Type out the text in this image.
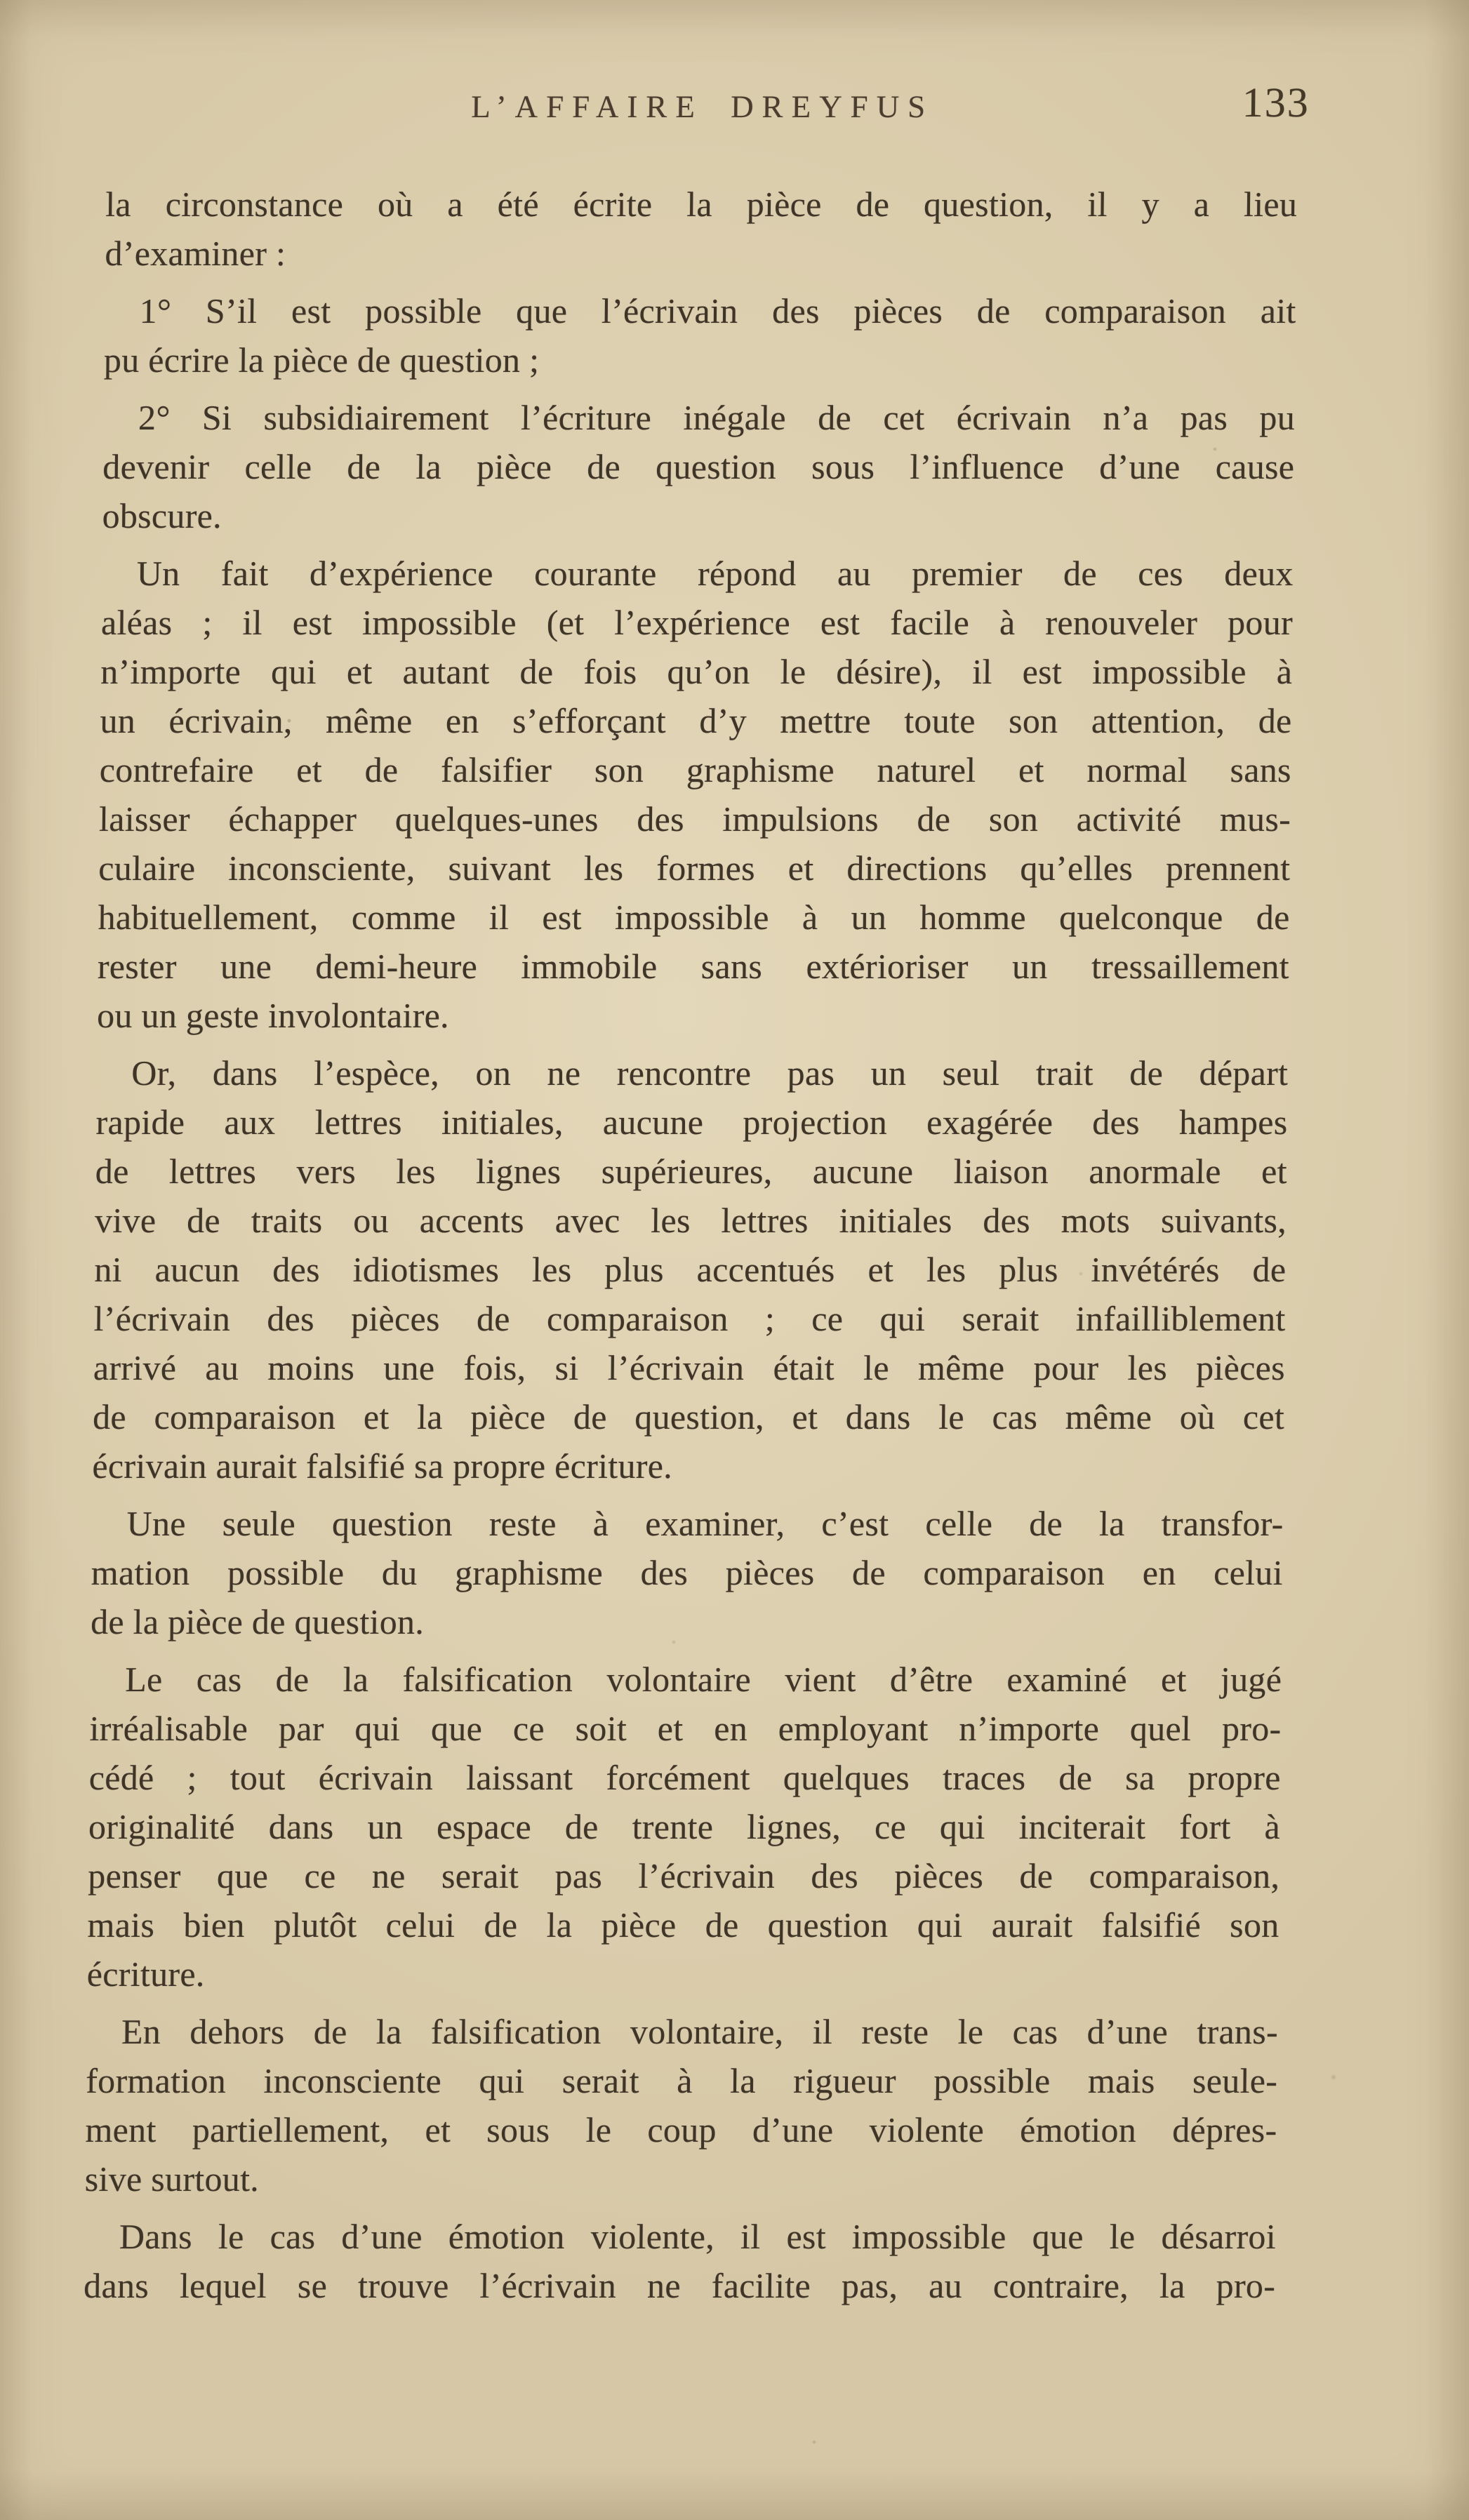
L’AFFAIRE DREYFUS	133

la circonstance où a été écrite la pièce de question, il y a lieu
d’examiner :

1° S’il est possible que l’écrivain des pièces de comparaison ait
pu écrire la pièce de question ;

2° Si subsidiairement l’écriture inégale de cet écrivain n’a pas pu
devenir celle de la pièce de question sous l’influence d’une cause
obscure.

Un fait d’expérience courante répond au premier de ces deux
aléas ; il est impossible (et l’expérience est facile à renouveler pour
n’importe qui et autant de fois qu’on le désire), il est impossible à
un écrivain, même en s’efforçant d’y mettre toute son attention, de
contrefaire et de falsifier son graphisme naturel et normal sans
laisser échapper quelques-unes des impulsions de son activité mus-
culaire inconsciente, suivant les formes et directions qu’elles prennent
habituellement, comme il est impossible à un homme quelconque de
rester une demi-heure immobile sans extérioriser un tressaillement
ou un geste involontaire.

Or, dans l’espèce, on ne rencontre pas un seul trait de départ
rapide aux lettres initiales, aucune projection exagérée des hampes
de lettres vers les lignes supérieures, aucune liaison anormale et
vive de traits ou accents avec les lettres initiales des mots suivants,
ni aucun des idiotismes les plus accentués et les plus invétérés de
l’écrivain des pièces de comparaison ; ce qui serait infailliblement
arrivé au moins une fois, si l’écrivain était le même pour les pièces
de comparaison et la pièce de question, et dans le cas même où cet
écrivain aurait falsifié sa propre écriture.

Une seule question reste à examiner, c’est celle de la transfor-
mation possible du graphisme des pièces de comparaison en celui
de la pièce de question.

Le cas de la falsification volontaire vient d’être examiné et jugé
irréalisable par qui que ce soit et en employant n’importe quel pro-
cédé ; tout écrivain laissant forcément quelques traces de sa propre
originalité dans un espace de trente lignes, ce qui inciterait fort à
penser que ce ne serait pas l’écrivain des pièces de comparaison,
mais bien plutôt celui de la pièce de question qui aurait falsifié son
écriture.

En dehors de la falsification volontaire, il reste le cas d’une trans-
formation inconsciente qui serait à la rigueur possible mais seule-
ment partiellement, et sous le coup d’une violente émotion dépres-
sive surtout.

Dans le cas d’une émotion violente, il est impossible que le désarroi
dans lequel se trouve l’écrivain ne facilite pas, au contraire, la pro-
